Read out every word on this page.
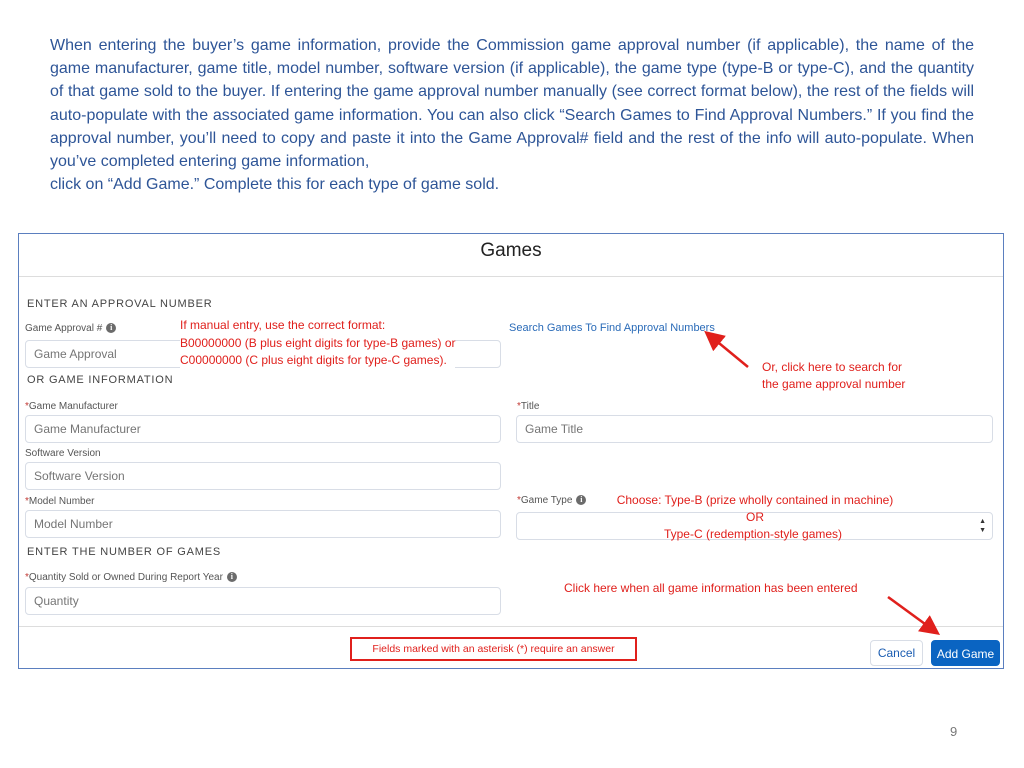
When entering the buyer’s game information, provide the Commission game approval number (if applicable), the name of the game manufacturer, game title, model number, software version (if applicable), the game type (type-B or type-C), and the quantity of that game sold to the buyer. If entering the game approval number manually (see correct format below), the rest of the fields will auto-populate with the associated game information. You can also click “Search Games to Find Approval Numbers.” If you find the approval number, you’ll need to copy and paste it into the Game Approval# field and the rest of the info will auto-populate. When you’ve completed entering game information,

click on “Add Game.” Complete this for each type of game sold.

Games
ENTER AN APPROVAL NUMBER
Game Approval # i
Game Approval	Search Games To Find Approval Numbers
OR GAME INFORMATION
*Game Manufacturer
Game Manufacturer	*Title
Game Title
Software Version
Software Version
*Model Number
Model Number	*Game Type i
▲
▼
ENTER THE NUMBER OF GAMES
*Quantity Sold or Owned During Report Year i
Quantity
Cancel	Add Game
If manual entry, use the correct format:
B00000000 (B plus eight digits for type-B games) or
C00000000 (C plus eight digits for type-C games).	Or, click here to search for
the game approval number
Choose: Type-B (prize wholly contained in machine)
OR
Type-C (redemption-style games)
Click here when all game information has been entered
Fields marked with an asterisk (*) require an answer
9
